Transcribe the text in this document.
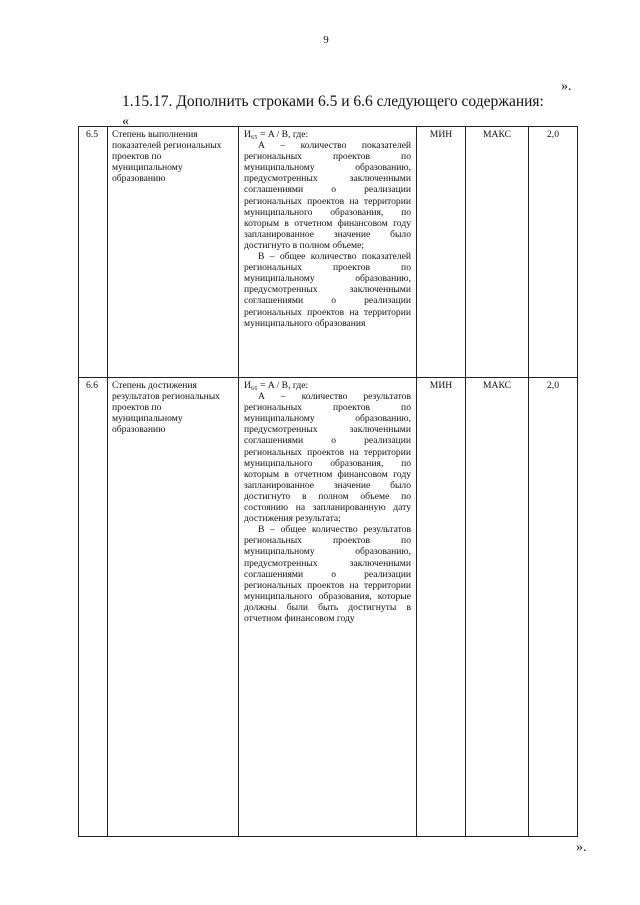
9
».
1.15.17. Дополнить строками 6.5 и 6.6 следующего содержания:
«
6.5	Степень выполнения показателей региональных проектов по муниципальному образованию	И₆₅ = A / B, где:

А – количество показателей региональных проектов по муниципальному образованию, предусмотренных заключенными соглашениями о реализации региональных проектов на территории муниципального образования, по которым в отчетном финансовом году запланированное значение было достигнуто в полном объеме;

В – общее количество показателей региональных проектов по муниципальному образованию, предусмотренных заключенными соглашениями о реализации региональных проектов на территории муниципального образования	МИН	МАКС	2,0
6.6	Степень достижения результатов региональных проектов по муниципальному образованию	И₆₆ = A / B, где:

А – количество результатов региональных проектов по муниципальному образованию, предусмотренных заключенными соглашениями о реализации региональных проектов на территории муниципального образования, по которым в отчетном финансовом году запланированное значение было достигнуто в полном объеме по состоянию на запланированную дату достижения результата;

В – общее количество результатов региональных проектов по муниципальному образованию, предусмотренных заключенными соглашениями о реализации региональных проектов на территории муниципального образования, которые должны были быть достигнуты в отчетном финансовом году	МИН	МАКС	2,0
».
